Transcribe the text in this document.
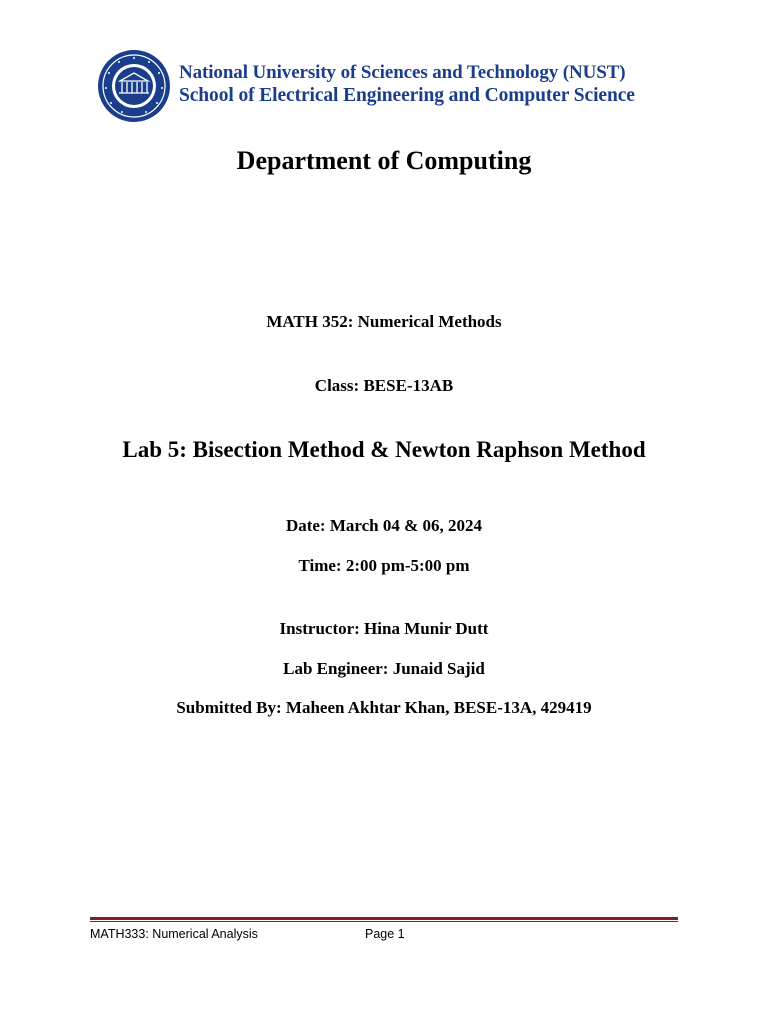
National University of Sciences and Technology (NUST)
School of Electrical Engineering and Computer Science
Department of Computing
MATH 352: Numerical Methods
Class: BESE-13AB
Lab 5: Bisection Method & Newton Raphson Method
Date: March 04 & 06, 2024
Time: 2:00 pm-5:00 pm
Instructor: Hina Munir Dutt
Lab Engineer: Junaid Sajid
Submitted By: Maheen Akhtar Khan, BESE-13A, 429419
MATH333: Numerical Analysis	Page 1
